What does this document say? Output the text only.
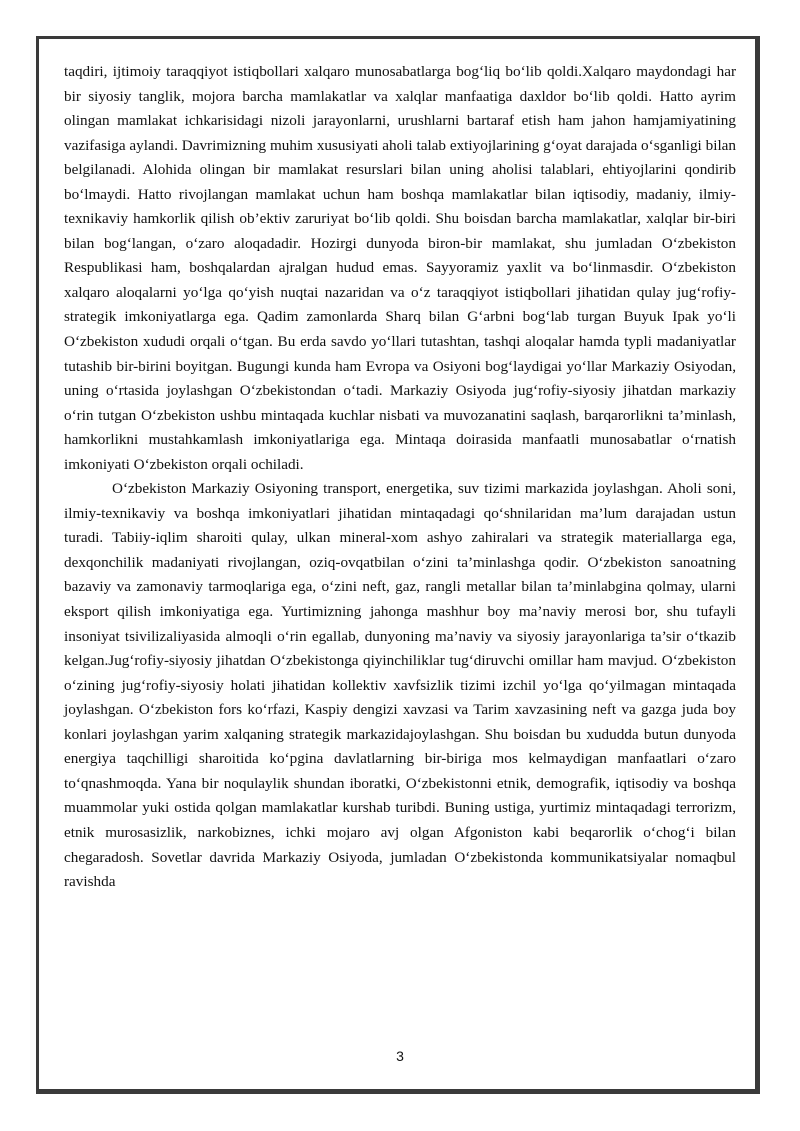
taqdiri, ijtimoiy taraqqiyot istiqbollari xalqaro munosabatlarga bog‘liq bo‘lib qoldi.Xalqaro maydondagi har bir siyosiy tanglik, mojora barcha mamlakatlar va xalqlar manfaatiga daxldor bo‘lib qoldi. Hatto ayrim olingan mamlakat ichkarisidagi nizoli jarayonlarni, urushlarni bartaraf etish ham jahon hamjamiyatining vazifasiga aylandi. Davrimizning muhim xususiyati aholi talab extiyojlarining g‘oyat darajada o‘sganligi bilan belgilanadi. Alohida olingan bir mamlakat resurslari bilan uning aholisi talablari, ehtiyojlarini qondirib bo‘lmaydi. Hatto rivojlangan mamlakat uchun ham boshqa mamlakatlar bilan iqtisodiy, madaniy, ilmiy-texnikaviy hamkorlik qilish ob’ektiv zaruriyat bo‘lib qoldi. Shu boisdan barcha mamlakatlar, xalqlar bir-biri bilan bog‘langan, o‘zaro aloqadadir. Hozirgi dunyoda biron-bir mamlakat, shu jumladan O‘zbekiston Respublikasi ham, boshqalardan ajralgan hudud emas. Sayyoramiz yaxlit va bo‘linmasdir. O‘zbekiston xalqaro aloqalarni yo‘lga qo‘yish nuqtai nazaridan va o‘z taraqqiyot istiqbollari jihatidan qulay jug‘rofiy-strategik imkoniyatlarga ega. Qadim zamonlarda Sharq bilan G‘arbni bog‘lab turgan Buyuk Ipak yo‘li O‘zbekiston xududi orqali o‘tgan. Bu erda savdo yo‘llari tutashtan, tashqi aloqalar hamda typli madaniyatlar tutashib bir-birini boyitgan. Bugungi kunda ham Evropa va Osiyoni bog‘laydigai yo‘llar Markaziy Osiyodan, uning o‘rtasida joylashgan O‘zbekistondan o‘tadi. Markaziy Osiyoda jug‘rofiy-siyosiy jihatdan markaziy o‘rin tutgan O‘zbekiston ushbu mintaqada kuchlar nisbati va muvozanatini saqlash, barqarorlikni ta’minlash, hamkorlikni mustahkamlash imkoniyatlariga ega. Mintaqa doirasida manfaatli munosabatlar o‘rnatish imkoniyati O‘zbekiston orqali ochiladi.

O‘zbekiston Markaziy Osiyoning transport, energetika, suv tizimi markazida joylashgan. Aholi soni, ilmiy-texnikaviy va boshqa imkoniyatlari jihatidan mintaqadagi qo‘shnilaridan ma’lum darajadan ustun turadi. Tabiiy-iqlim sharoiti qulay, ulkan mineral-xom ashyo zahiralari va strategik materiallarga ega, dexqonchilik madaniyati rivojlangan, oziq-ovqatbilan o‘zini ta’minlashga qodir. O‘zbekiston sanoatning bazaviy va zamonaviy tarmoqlariga ega, o‘zini neft, gaz, rangli metallar bilan ta’minlabgina qolmay, ularni eksport qilish imkoniyatiga ega. Yurtimizning jahonga mashhur boy ma’naviy merosi bor, shu tufayli insoniyat tsivilizaliyasida almoqli o‘rin egallab, dunyoning ma’naviy va siyosiy jarayonlariga ta’sir o‘tkazib kelgan.Jug‘rofiy-siyosiy jihatdan O‘zbekistonga qiyinchiliklar tug‘diruvchi omillar ham mavjud. O‘zbekiston o‘zining jug‘rofiy-siyosiy holati jihatidan kollektiv xavfsizlik tizimi izchil yo‘lga qo‘yilmagan mintaqada joylashgan. O‘zbekiston fors ko‘rfazi, Kaspiy dengizi xavzasi va Tarim xavzasining neft va gazga juda boy konlari joylashgan yarim xalqaning strategik markazidajoylashgan. Shu boisdan bu xududda butun dunyoda energiya taqchilligi sharoitida ko‘pgina davlatlarning bir-biriga mos kelmaydigan manfaatlari o‘zaro to‘qnashmoqda. Yana bir noqulaylik shundan iboratki, O‘zbekistonni etnik, demografik, iqtisodiy va boshqa muammolar yuki ostida qolgan mamlakatlar kurshab turibdi. Buning ustiga, yurtimiz mintaqadagi terrorizm, etnik murosasizlik, narkobiznes, ichki mojaro avj olgan Afgoniston kabi beqarorlik o‘chog‘i bilan chegaradosh. Sovetlar davrida Markaziy Osiyoda, jumladan O‘zbekistonda kommunikatsiyalar nomaqbul ravishda

3
